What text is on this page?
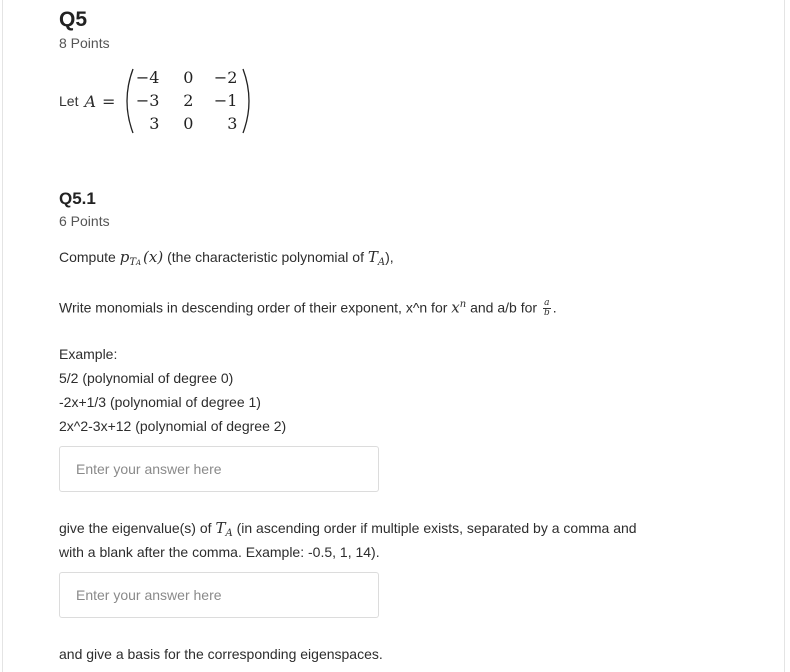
Q5
8 Points
Let A =
−4	0	−2
−3	2	−1
3	0	3
Q5.1
6 Points
Compute $p_{TA}$ (x) (the characteristic polynomial of $T_A$),
Write monomials in descending order of their exponent, x^n for x$^n$ and a/b for $\frac{a}{b}$ .
Example:
5/2 (polynomial of degree 0)
-2x+1/3 (polynomial of degree 1)
2x^2-3x+12 (polynomial of degree 2)
Enter your answer here
give the eigenvalue(s) of $T_A$ (in ascending order if multiple exists, separated by a comma and
with a blank after the comma. Example: -0.5, 1, 14).
Enter your answer here
and give a basis for the corresponding eigenspaces.
